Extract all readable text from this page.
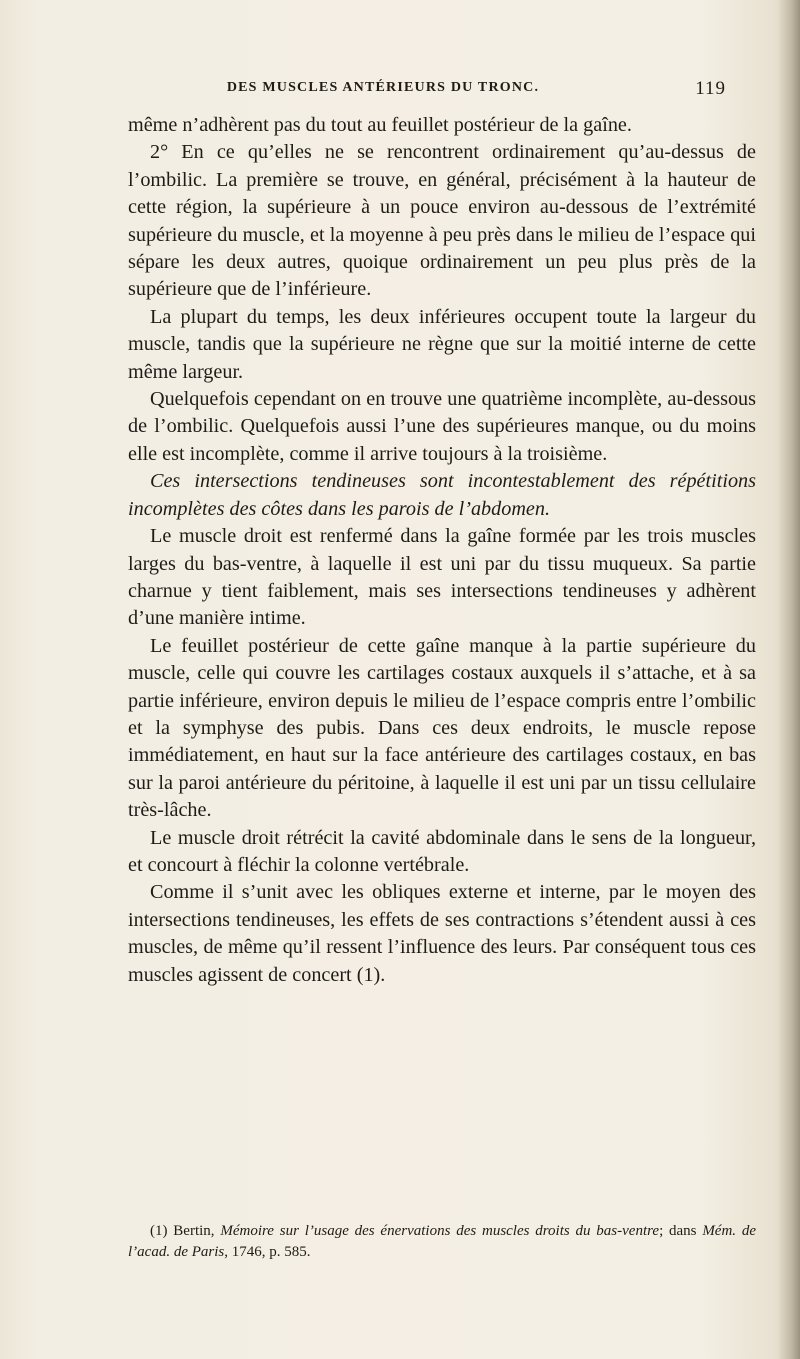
DES MUSCLES ANTÉRIEURS DU TRONC.	119

même n’adhèrent pas du tout au feuillet postérieur de la gaîne.

2° En ce qu’elles ne se rencontrent ordinairement qu’au-dessus de l’ombilic. La première se trouve, en général, précisément à la hauteur de cette région, la supérieure à un pouce environ au-dessous de l’extrémité supérieure du muscle, et la moyenne à peu près dans le milieu de l’espace qui sépare les deux autres, quoique ordinairement un peu plus près de la supérieure que de l’inférieure.

La plupart du temps, les deux inférieures occupent toute la largeur du muscle, tandis que la supérieure ne règne que sur la moitié interne de cette même largeur.

Quelquefois cependant on en trouve une quatrième incomplète, au-dessous de l’ombilic. Quelquefois aussi l’une des supérieures manque, ou du moins elle est incomplète, comme il arrive toujours à la troisième.

Ces intersections tendineuses sont incontestablement des répétitions incomplètes des côtes dans les parois de l’abdomen.

Le muscle droit est renfermé dans la gaîne formée par les trois muscles larges du bas-ventre, à laquelle il est uni par du tissu muqueux. Sa partie charnue y tient faiblement, mais ses intersections tendineuses y adhèrent d’une manière intime.

Le feuillet postérieur de cette gaîne manque à la partie supérieure du muscle, celle qui couvre les cartilages costaux auxquels il s’attache, et à sa partie inférieure, environ depuis le milieu de l’espace compris entre l’ombilic et la symphyse des pubis. Dans ces deux endroits, le muscle repose immédiatement, en haut sur la face antérieure des cartilages costaux, en bas sur la paroi antérieure du péritoine, à laquelle il est uni par un tissu cellulaire très-lâche.

Le muscle droit rétrécit la cavité abdominale dans le sens de la longueur, et concourt à fléchir la colonne vertébrale.

Comme il s’unit avec les obliques externe et interne, par le moyen des intersections tendineuses, les effets de ses contractions s’étendent aussi à ces muscles, de même qu’il ressent l’influence des leurs. Par conséquent tous ces muscles agissent de concert (1).

(1) Bertin, Mémoire sur l’usage des énervations des muscles droits du bas-ventre; dans Mém. de l’acad. de Paris, 1746, p. 585.
